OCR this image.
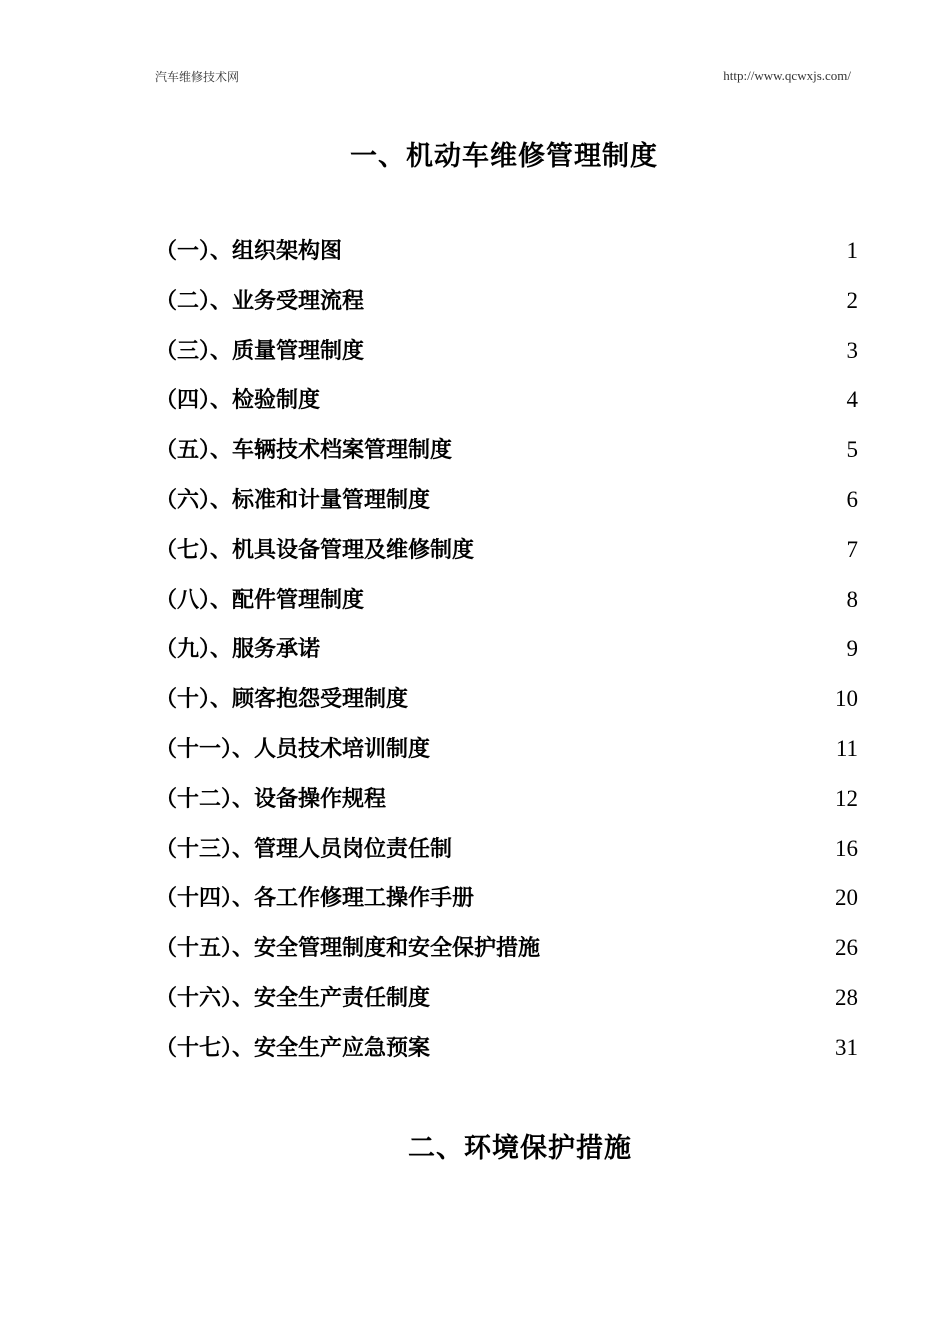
汽车维修技术网	http://www.qcwxjs.com/
一、机动车维修管理制度
（一）、组织架构图	1
（二）、业务受理流程	2
（三）、质量管理制度	3
（四）、检验制度	4
（五）、车辆技术档案管理制度	5
（六）、标准和计量管理制度	6
（七）、机具设备管理及维修制度	7
（八）、配件管理制度	8
（九）、服务承诺	9
（十）、顾客抱怨受理制度	10
（十一）、人员技术培训制度	11
（十二）、设备操作规程	12
（十三）、管理人员岗位责任制	16
（十四）、各工作修理工操作手册	20
（十五）、安全管理制度和安全保护措施	26
（十六）、安全生产责任制度	28
（十七）、安全生产应急预案	31
二、环境保护措施
